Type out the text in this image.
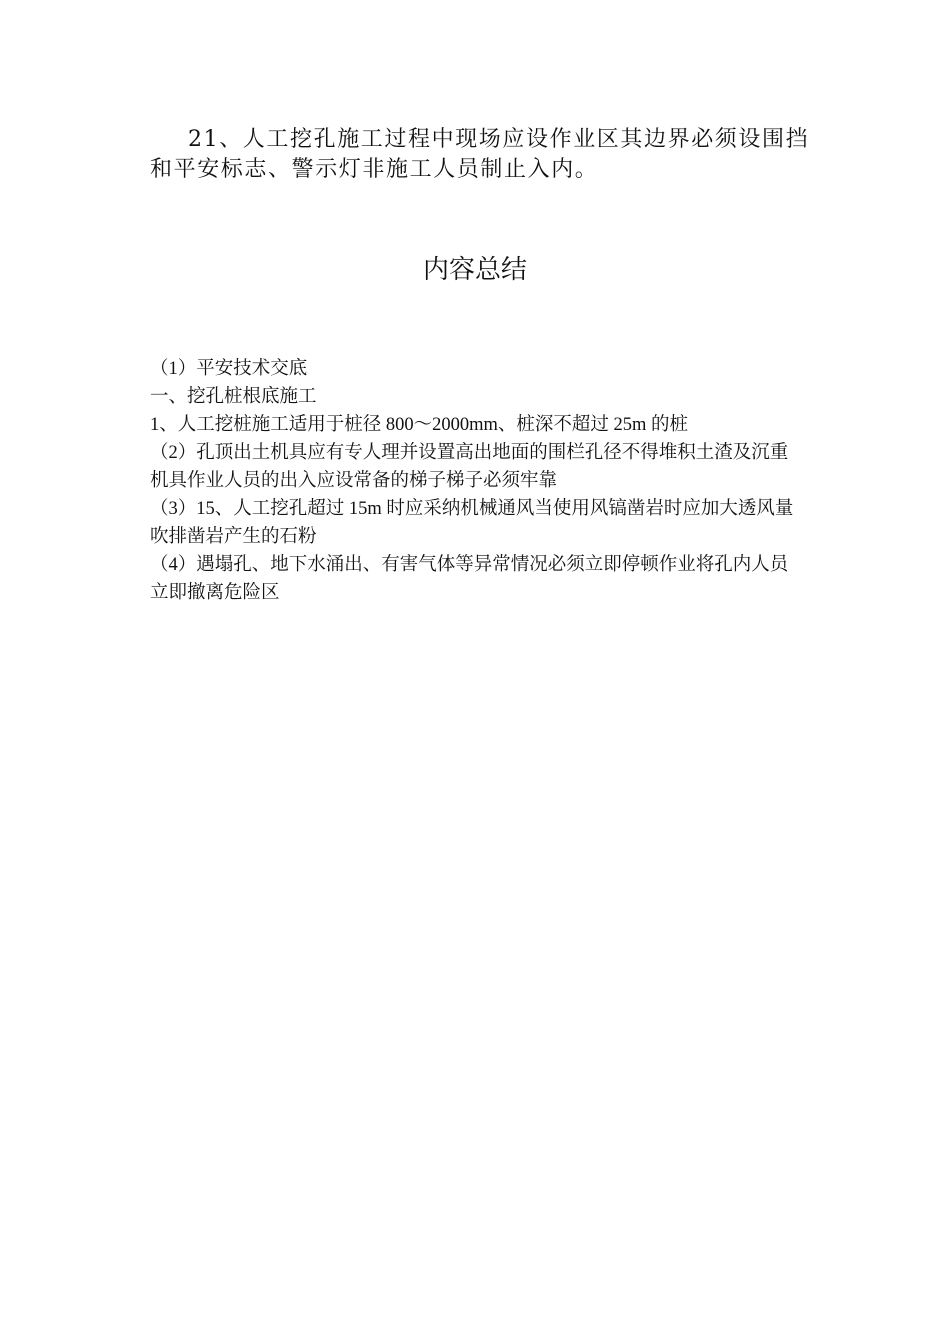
21、人工挖孔施工过程中现场应设作业区其边界必须设围挡和平安标志、警示灯非施工人员制止入内。

内容总结
（1）平安技术交底
一、挖孔桩根底施工
1、人工挖桩施工适用于桩径 800～2000mm、桩深不超过 25m 的桩
（2）孔顶出土机具应有专人理并设置高出地面的围栏孔径不得堆积土渣及沉重机具作业人员的出入应设常备的梯子梯子必须牢靠
（3）15、人工挖孔超过 15m 时应采纳机械通风当使用风镐凿岩时应加大透风量吹排凿岩产生的石粉
（4）遇塌孔、地下水涌出、有害气体等异常情况必须立即停顿作业将孔内人员立即撤离危险区
